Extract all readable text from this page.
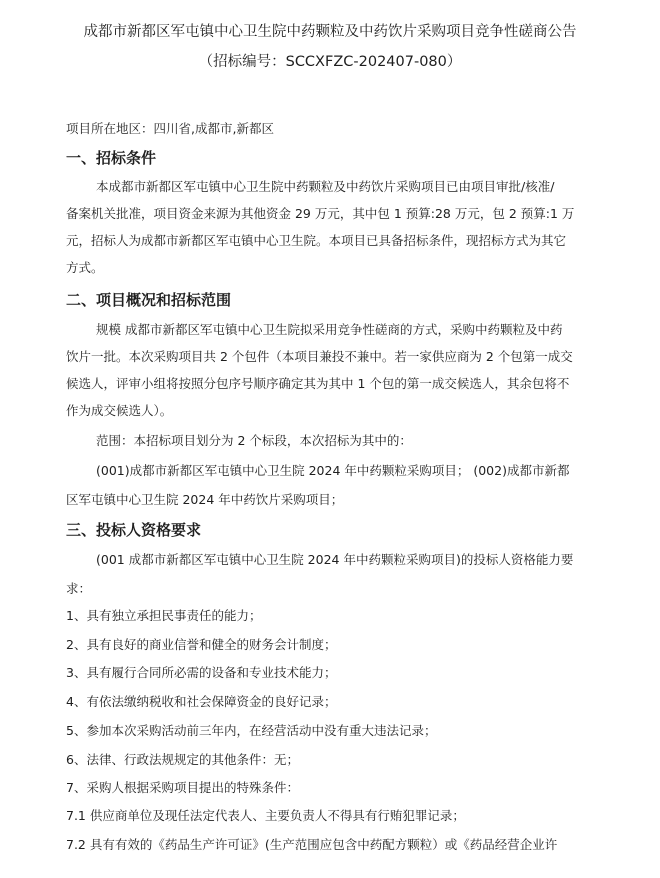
成都市新都区军屯镇中心卫生院中药颗粒及中药饮片采购项目竞争性磋商公告
（招标编号：SCCXFZC-202407-080）
项目所在地区：四川省,成都市,新都区
一、招标条件
本成都市新都区军屯镇中心卫生院中药颗粒及中药饮片采购项目已由项目审批/核准/
备案机关批准，项目资金来源为其他资金 29 万元，其中包 1 预算:28 万元，包 2 预算:1 万
元，招标人为成都市新都区军屯镇中心卫生院。本项目已具备招标条件，现招标方式为其它
方式。
二、项目概况和招标范围
规模 成都市新都区军屯镇中心卫生院拟采用竞争性磋商的方式，采购中药颗粒及中药
饮片一批。本次采购项目共 2 个包件（本项目兼投不兼中。若一家供应商为 2 个包第一成交
候选人，评审小组将按照分包序号顺序确定其为其中 1 个包的第一成交候选人，其余包将不
作为成交候选人）。
范围：本招标项目划分为 2 个标段，本次招标为其中的：
(001)成都市新都区军屯镇中心卫生院 2024 年中药颗粒采购项目； (002)成都市新都
区军屯镇中心卫生院 2024 年中药饮片采购项目；
三、投标人资格要求
(001 成都市新都区军屯镇中心卫生院 2024 年中药颗粒采购项目)的投标人资格能力要
求：
1、具有独立承担民事责任的能力；
2、具有良好的商业信誉和健全的财务会计制度；
3、具有履行合同所必需的设备和专业技术能力；
4、有依法缴纳税收和社会保障资金的良好记录；
5、参加本次采购活动前三年内，在经营活动中没有重大违法记录；
6、法律、行政法规规定的其他条件：无；
7、采购人根据采购项目提出的特殊条件：
7.1 供应商单位及现任法定代表人、主要负责人不得具有行贿犯罪记录；
7.2 具有有效的《药品生产许可证》(生产范围应包含中药配方颗粒）或《药品经营企业许
